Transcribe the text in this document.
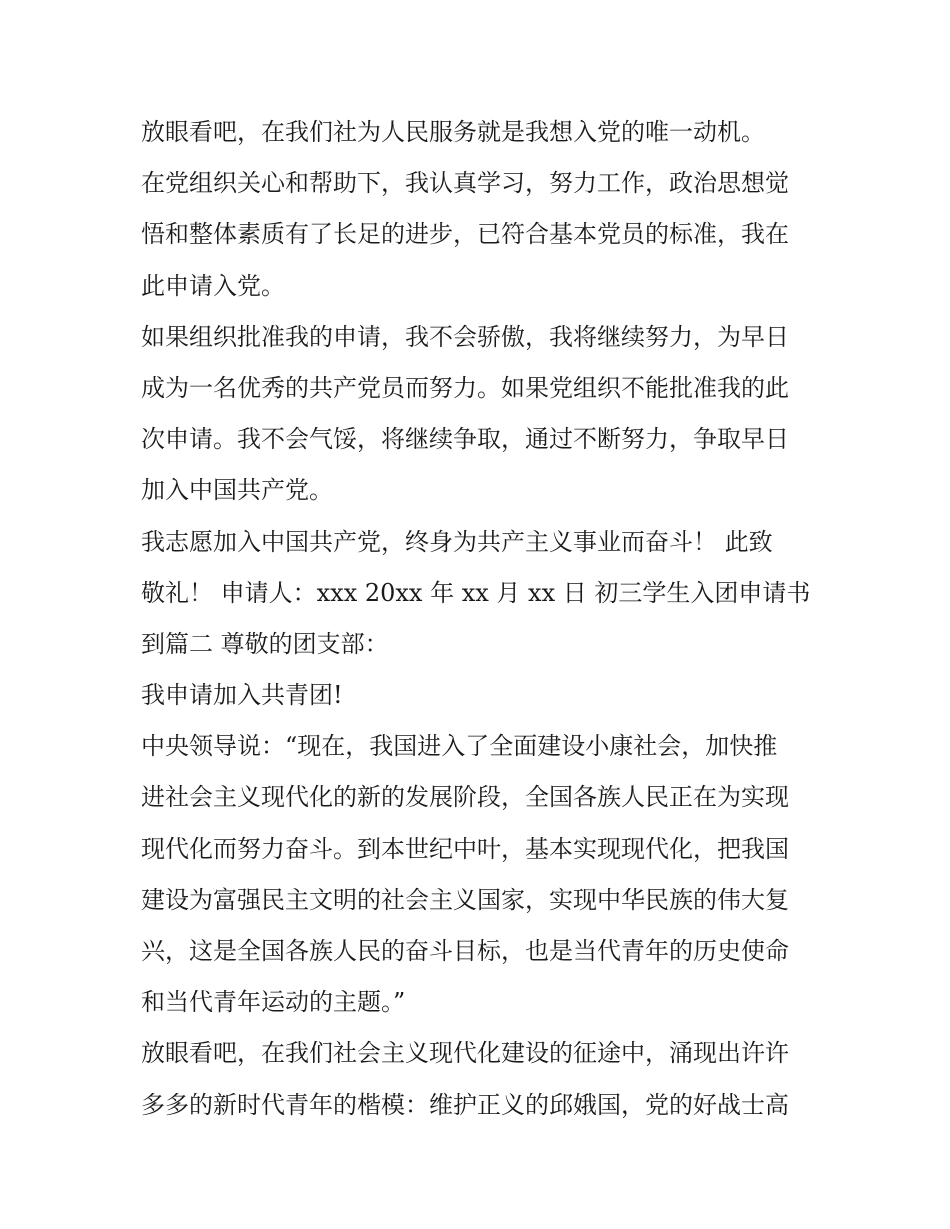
放眼看吧，在我们社为人民服务就是我想入党的唯一动机。
在党组织关心和帮助下，我认真学习，努力工作，政治思想觉
悟和整体素质有了长足的进步，已符合基本党员的标准，我在
此申请入党。
如果组织批准我的申请，我不会骄傲，我将继续努力，为早日
成为一名优秀的共产党员而努力。如果党组织不能批准我的此
次申请。我不会气馁，将继续争取，通过不断努力，争取早日
加入中国共产党。
我志愿加入中国共产党，终身为共产主义事业而奋斗！ 此致
敬礼！ 申请人：xxx 20xx 年 xx 月 xx 日 初三学生入团申请书
到篇二 尊敬的团支部：
我申请加入共青团!
中央领导说：“现在，我国进入了全面建设小康社会，加快推
进社会主义现代化的新的发展阶段，全国各族人民正在为实现
现代化而努力奋斗。到本世纪中叶，基本实现现代化，把我国
建设为富强民主文明的社会主义国家，实现中华民族的伟大复
兴，这是全国各族人民的奋斗目标，也是当代青年的历史使命
和当代青年运动的主题。”
放眼看吧，在我们社会主义现代化建设的征途中，涌现出许许
多多的新时代青年的楷模：维护正义的邱娥国，党的好战士高
